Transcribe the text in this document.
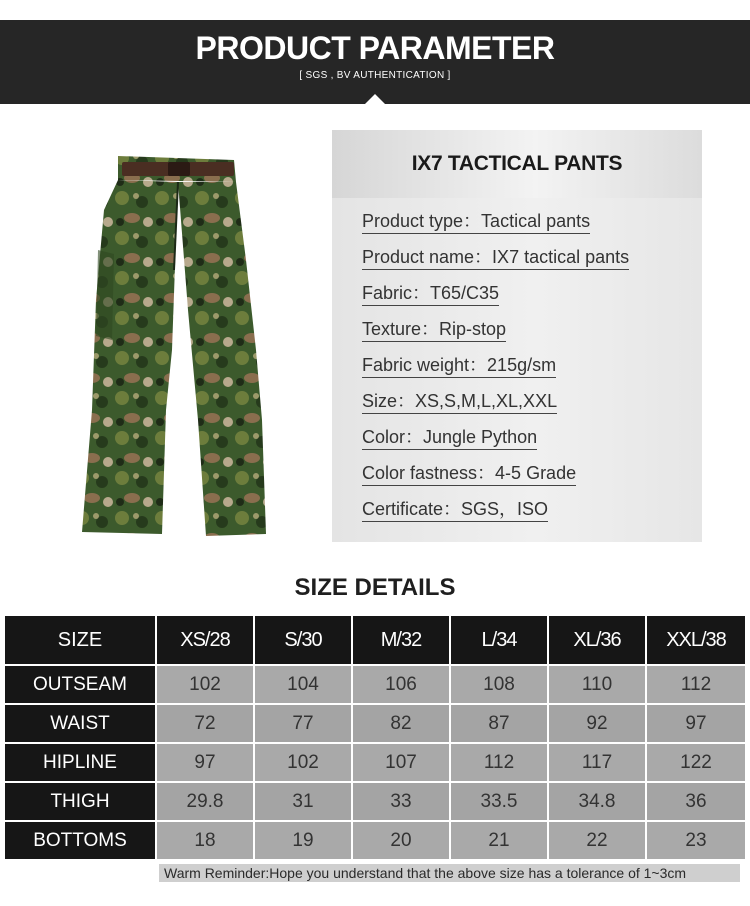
PRODUCT PARAMETER
[ SGS , BV AUTHENTICATION ]
IX7 TACTICAL PANTS
Product type：Tactical pants
Product name：IX7 tactical pants
Fabric：T65/C35
Texture：Rip-stop
Fabric weight：215g/sm
Size：XS,S,M,L,XL,XXL
Color：Jungle Python
Color fastness：4-5 Grade
Certificate：SGS，ISO
SIZE DETAILS
SIZE	XS/28	S/30	M/32	L/34	XL/36	XXL/38
OUTSEAM	102	104	106	108	110	112
WAIST	72	77	82	87	92	97
HIPLINE	97	102	107	112	117	122
THIGH	29.8	31	33	33.5	34.8	36
BOTTOMS	18	19	20	21	22	23
Warm Reminder:Hope you understand that the above size has a tolerance of 1~3cm
